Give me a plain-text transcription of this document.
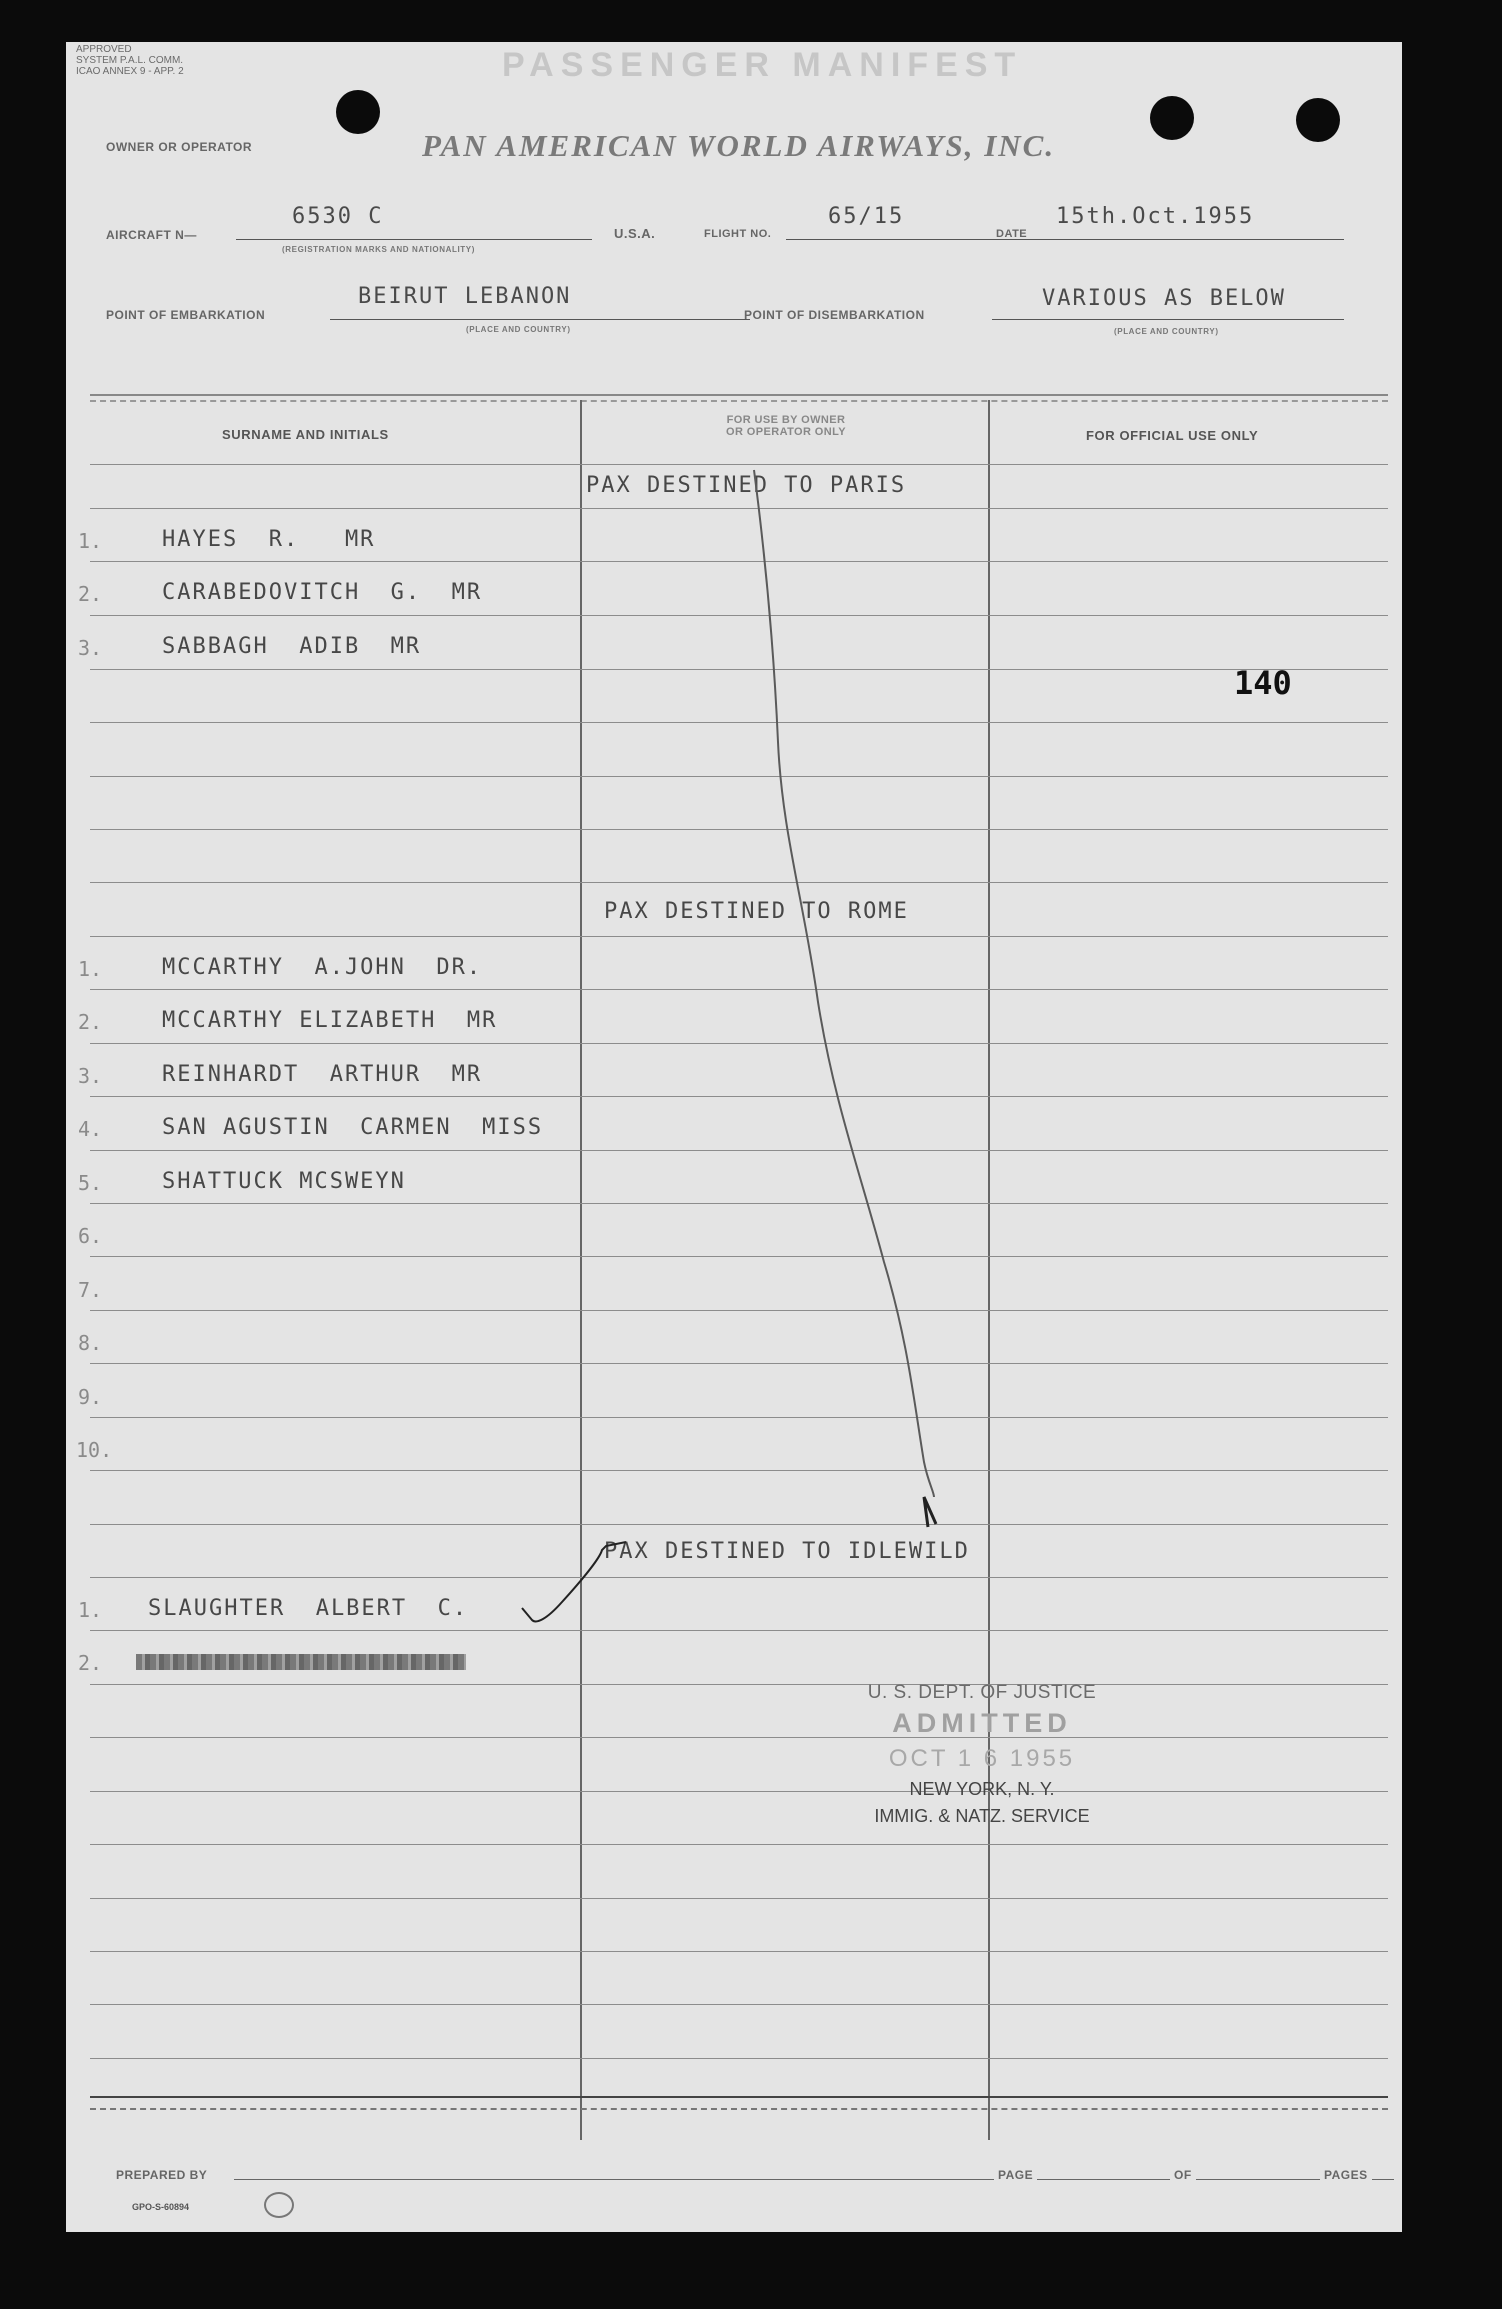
APPROVED
SYSTEM P.A.L. COMM.
ICAO ANNEX 9 - APP. 2	PASSENGER MANIFEST
OWNER OR OPERATOR	PAN AMERICAN WORLD AIRWAYS, INC.
AIRCRAFT N—
6530 C
(REGISTRATION MARKS AND NATIONALITY)
U.S.A.	FLIGHT NO.
65/15
DATE
15th.Oct.1955
POINT OF EMBARKATION
BEIRUT LEBANON
(PLACE AND COUNTRY)
POINT OF DISEMBARKATION
VARIOUS AS BELOW
(PLACE AND COUNTRY)
SURNAME AND INITIALS
FOR USE BY OWNER
OR OPERATOR ONLY	FOR OFFICIAL USE ONLY
PAX DESTINED TO PARIS
1.	HAYES  R.   MR
2.	CARABEDOVITCH  G.  MR
3.	SABBAGH  ADIB  MR
140
PAX DESTINED TO ROME
1.	MCCARTHY  A.JOHN  DR.
2.	MCCARTHY ELIZABETH  MR
3.	REINHARDT  ARTHUR  MR
4.	SAN AGUSTIN  CARMEN  MISS
5.	SHATTUCK MCSWEYN
6.
7.
8.
9.
10.
PAX DESTINED TO IDLEWILD
1. SLAUGHTER  ALBERT  C.
2.
U. S. DEPT. OF JUSTICE
ADMITTED
OCT 1 6 1955
NEW YORK, N. Y.
IMMIG. & NATZ. SERVICE
PREPARED BY	PAGE	OF	PAGES
GPO-S-60894
